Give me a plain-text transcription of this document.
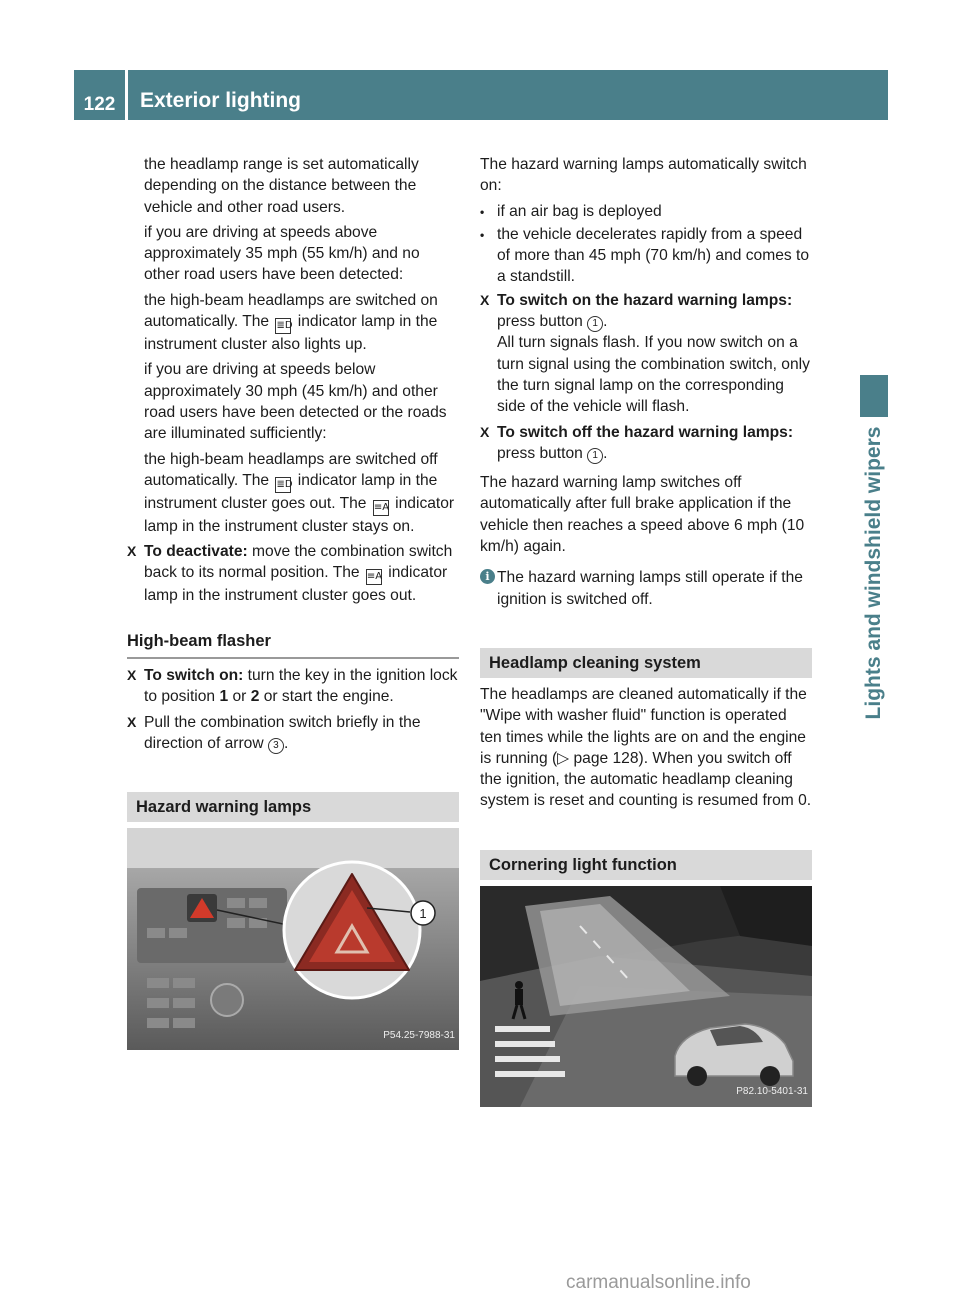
122	Exterior lighting
Lights and windshield wipers

the headlamp range is set automatically depending on the distance between the vehicle and other road users.

if you are driving at speeds above approximately 35 mph (55 km/h) and no other road users have been detected:

the high-beam headlamps are switched on automatically. The ≣D indicator lamp in the instrument cluster also lights up.

if you are driving at speeds below approximately 30 mph (45 km/h) and other road users have been detected or the roads are illuminated sufficiently:

the high-beam headlamps are switched off automatically. The ≣D indicator lamp in the instrument cluster goes out. The ≡A indicator lamp in the instrument cluster stays on.

X To deactivate: move the combination switch back to its normal position. The ≡A indicator lamp in the instrument cluster goes out.
High-beam flasher
X To switch on: turn the key in the ignition lock to position 1 or 2 or start the engine.
X Pull the combination switch briefly in the direction of arrow 3 .
Hazard warning lamps
1
P54.25-7988-31

The hazard warning lamps automatically switch on:

• if an air bag is deployed
• the vehicle decelerates rapidly from a speed of more than 45 mph (70 km/h) and comes to a standstill.
X To switch on the hazard warning lamps: press button 1 .
All turn signals flash. If you now switch on a turn signal using the combination switch, only the turn signal lamp on the corresponding side of the vehicle will flash.
X To switch off the hazard warning lamps: press button 1 .

The hazard warning lamp switches off automatically after full brake application if the vehicle then reaches a speed above 6 mph (10 km/h) again.

i The hazard warning lamps still operate if the ignition is switched off.
Headlamp cleaning system

The headlamps are cleaned automatically if the "Wipe with washer fluid" function is operated ten times while the lights are on and the engine is running (▷ page 128). When you switch off the ignition, the automatic headlamp cleaning system is reset and counting is resumed from 0.

Cornering light function
P82.10-5401-31
carmanualsonline.info
